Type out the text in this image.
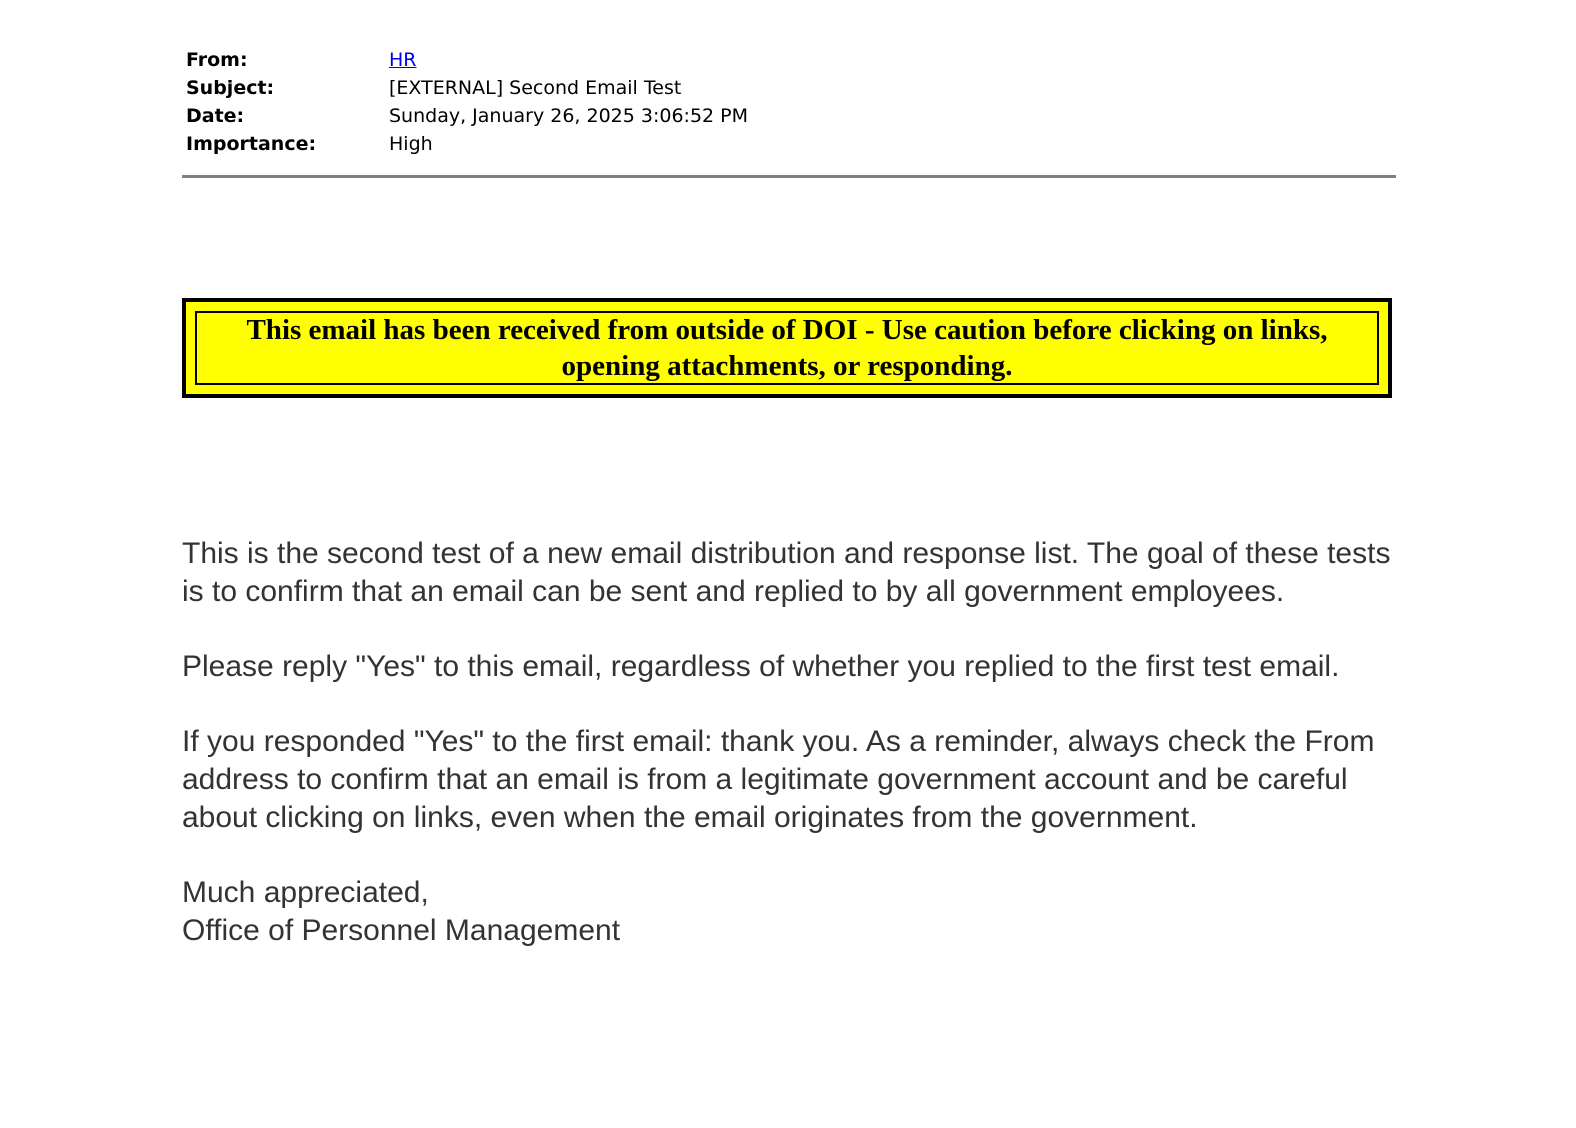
From:	HR
Subject:	[EXTERNAL] Second Email Test
Date:	Sunday, January 26, 2025 3:06:52 PM
Importance:	High
This email has been received from outside of DOI - Use caution before clicking on links, opening attachments, or responding.

This is the second test of a new email distribution and response list. The goal of these tests is to confirm that an email can be sent and replied to by all government employees.

Please reply "Yes" to this email, regardless of whether you replied to the first test email.

If you responded "Yes" to the first email: thank you. As a reminder, always check the From address to confirm that an email is from a legitimate government account and be careful about clicking on links, even when the email originates from the government.

Much appreciated,
Office of Personnel Management
